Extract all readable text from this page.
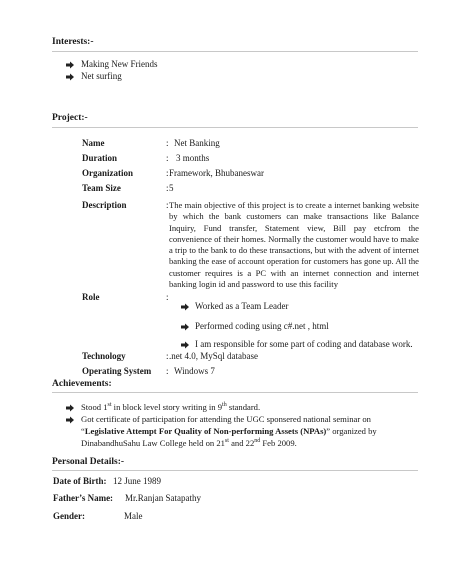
Interests:-
Making New Friends
Net surfing
Project:-
Name	: Net Banking
Duration	: 3 months
Organization	: Framework, Bhubaneswar
Team Size	: 5
Description	: The main objective of this project is to create a internet banking website by which the bank customers can make transactions like Balance Inquiry, Fund transfer, Statement view, Bill pay etcfrom the convenience of their homes. Normally the customer would have to make a trip to the bank to do these transactions, but with the advent of internet banking the ease of account operation for customers has gone up. All the customer requires is a PC with an internet connection and internet banking login id and password to use this facility
Role	:
Worked as a Team Leader
Performed coding using c#.net , html
I am responsible for some part of coding and database work.
Technology	: .net 4.0, MySql database
Operating System : Windows 7
Achievements:
Stood 1st in block level story writing in 9th standard.
Got certificate of participation for attending the UGC sponsered national seminar on
“Legislative Attempt For Quality of Non-performing Assets (NPAs)” organized by
DinabandhuSahu Law College held on 21st and 22nd Feb 2009.
Personal Details:-
Date of Birth: 12 June 1989
Father’s Name: Mr.Ranjan Satapathy
Gender:	Male
